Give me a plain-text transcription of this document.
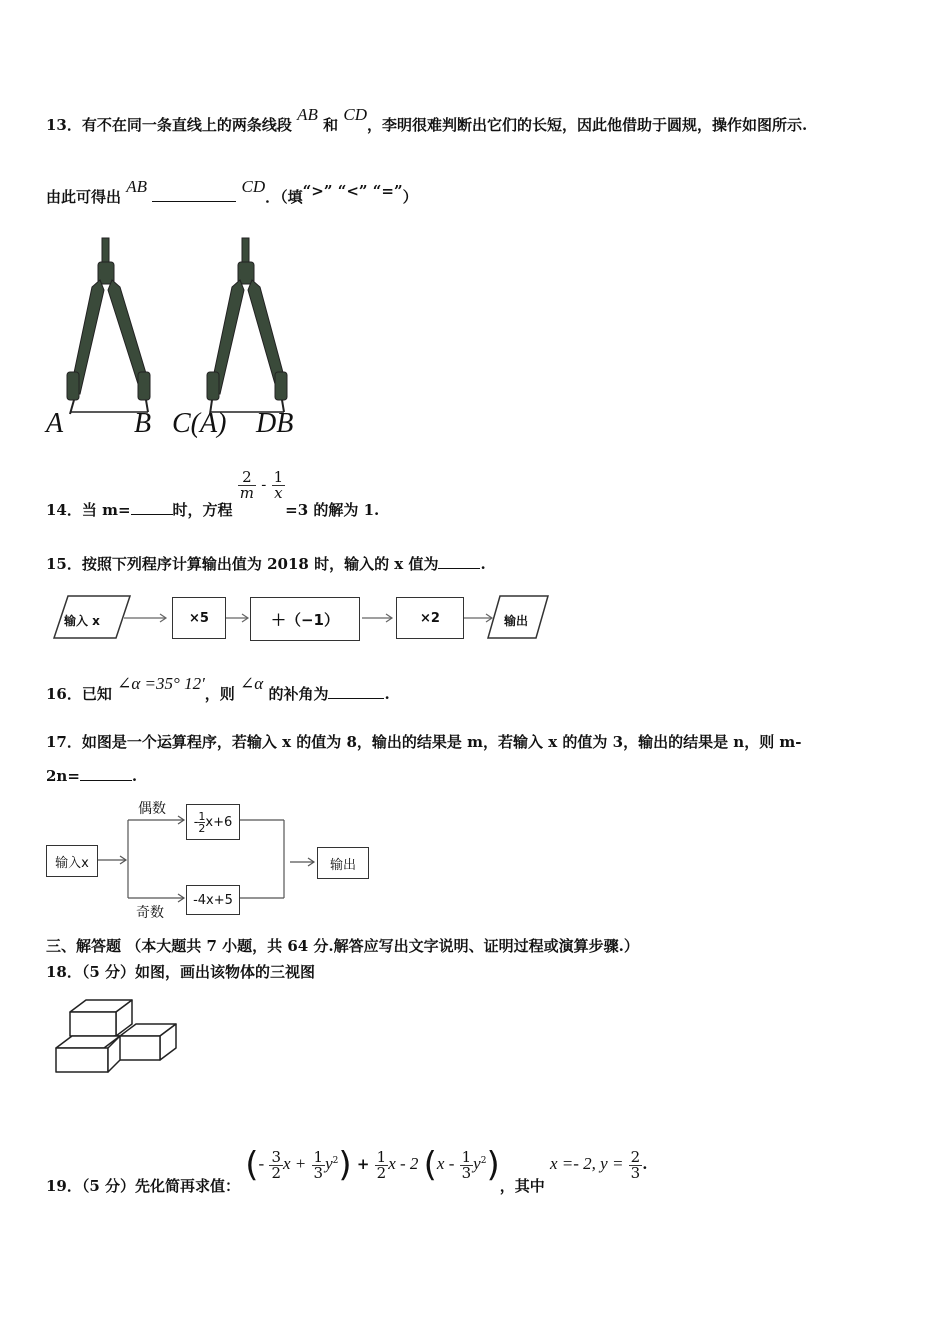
13．有不在同一条直线上的两条线段 AB 和 CD，李明很难判断出它们的长短，因此他借助于圆规，操作如图所示.
由此可得出 AB	CD．（填“>” “<” “=”）
A	B C(A) DB
14．当 m=	时，方程
$\frac{2}{m} - \frac{1}{x}$
=3 的解为 1.
15．按照下列程序计算输出值为 2018 时，输入的 x 值为	.
输入 x	×5	＋（−1）	×2	输出
16．已知 ∠α =35° 12′，则 ∠α 的补角为	.
17．如图是一个运算程序，若输入 x 的值为 8，输出的结果是 m，若输入 x 的值为 3，输出的结果是 n，则 m-
2n=	.
输入x
偶数
奇数
- $\frac{1}{2} x+6$
-4x+5
输出
三、解答题 （本大题共 7 小题，共 64 分.解答应写出文字说明、证明过程或演算步骤.）
18．（5 分）如图，画出该物体的三视图
19．（5 分）先化简再求值： (- $\frac{3}{2}$ $x + \frac{1}{3} y^2) + \frac{1}{2}$ x - 2 $(x - \frac{1}{3} y^2)$，其中 x =- 2, $y = \frac{2}{3}$ .
